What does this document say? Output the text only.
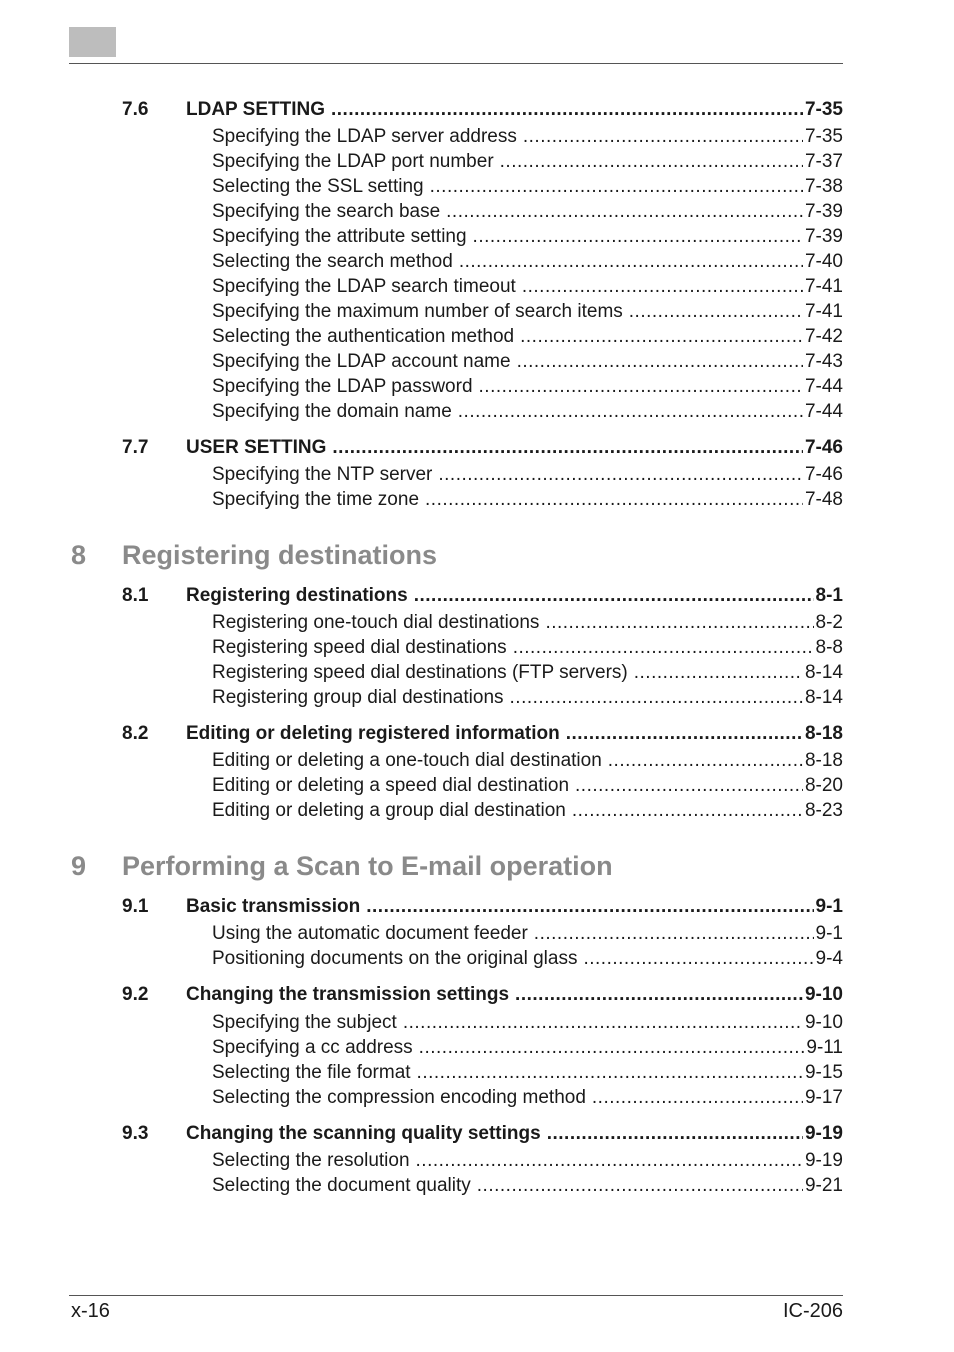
7.6 LDAP SETTING .....	7-35
Specifying the LDAP server address .....	7-35
Specifying the LDAP port number .....	7-37
Selecting the SSL setting .....	7-38
Specifying the search base .....	7-39
Specifying the attribute setting .....	7-39
Selecting the search method .....	7-40
Specifying the LDAP search timeout .....	7-41
Specifying the maximum number of search items .....	7-41
Selecting the authentication method .....	7-42
Specifying the LDAP account name .....	7-43
Specifying the LDAP password .....	7-44
Specifying the domain name .....	7-44
7.7 USER SETTING .....	7-46
Specifying the NTP server .....	7-46
Specifying the time zone .....	7-48
8 Registering destinations
8.1 Registering destinations .....	8-1
Registering one-touch dial destinations .....	8-2
Registering speed dial destinations .....	8-8
Registering speed dial destinations (FTP servers) .....	8-14
Registering group dial destinations .....	8-14
8.2 Editing or deleting registered information .....	8-18
Editing or deleting a one-touch dial destination .....	8-18
Editing or deleting a speed dial destination .....	8-20
Editing or deleting a group dial destination .....	8-23
9 Performing a Scan to E-mail operation
9.1 Basic transmission .....	9-1
Using the automatic document feeder .....	9-1
Positioning documents on the original glass .....	9-4
9.2 Changing the transmission settings .....	9-10
Specifying the subject .....	9-10
Specifying a cc address .....	9-11
Selecting the file format .....	9-15
Selecting the compression encoding method .....	9-17
9.3 Changing the scanning quality settings .....	9-19
Selecting the resolution .....	9-19
Selecting the document quality .....	9-21
x-16	IC-206
